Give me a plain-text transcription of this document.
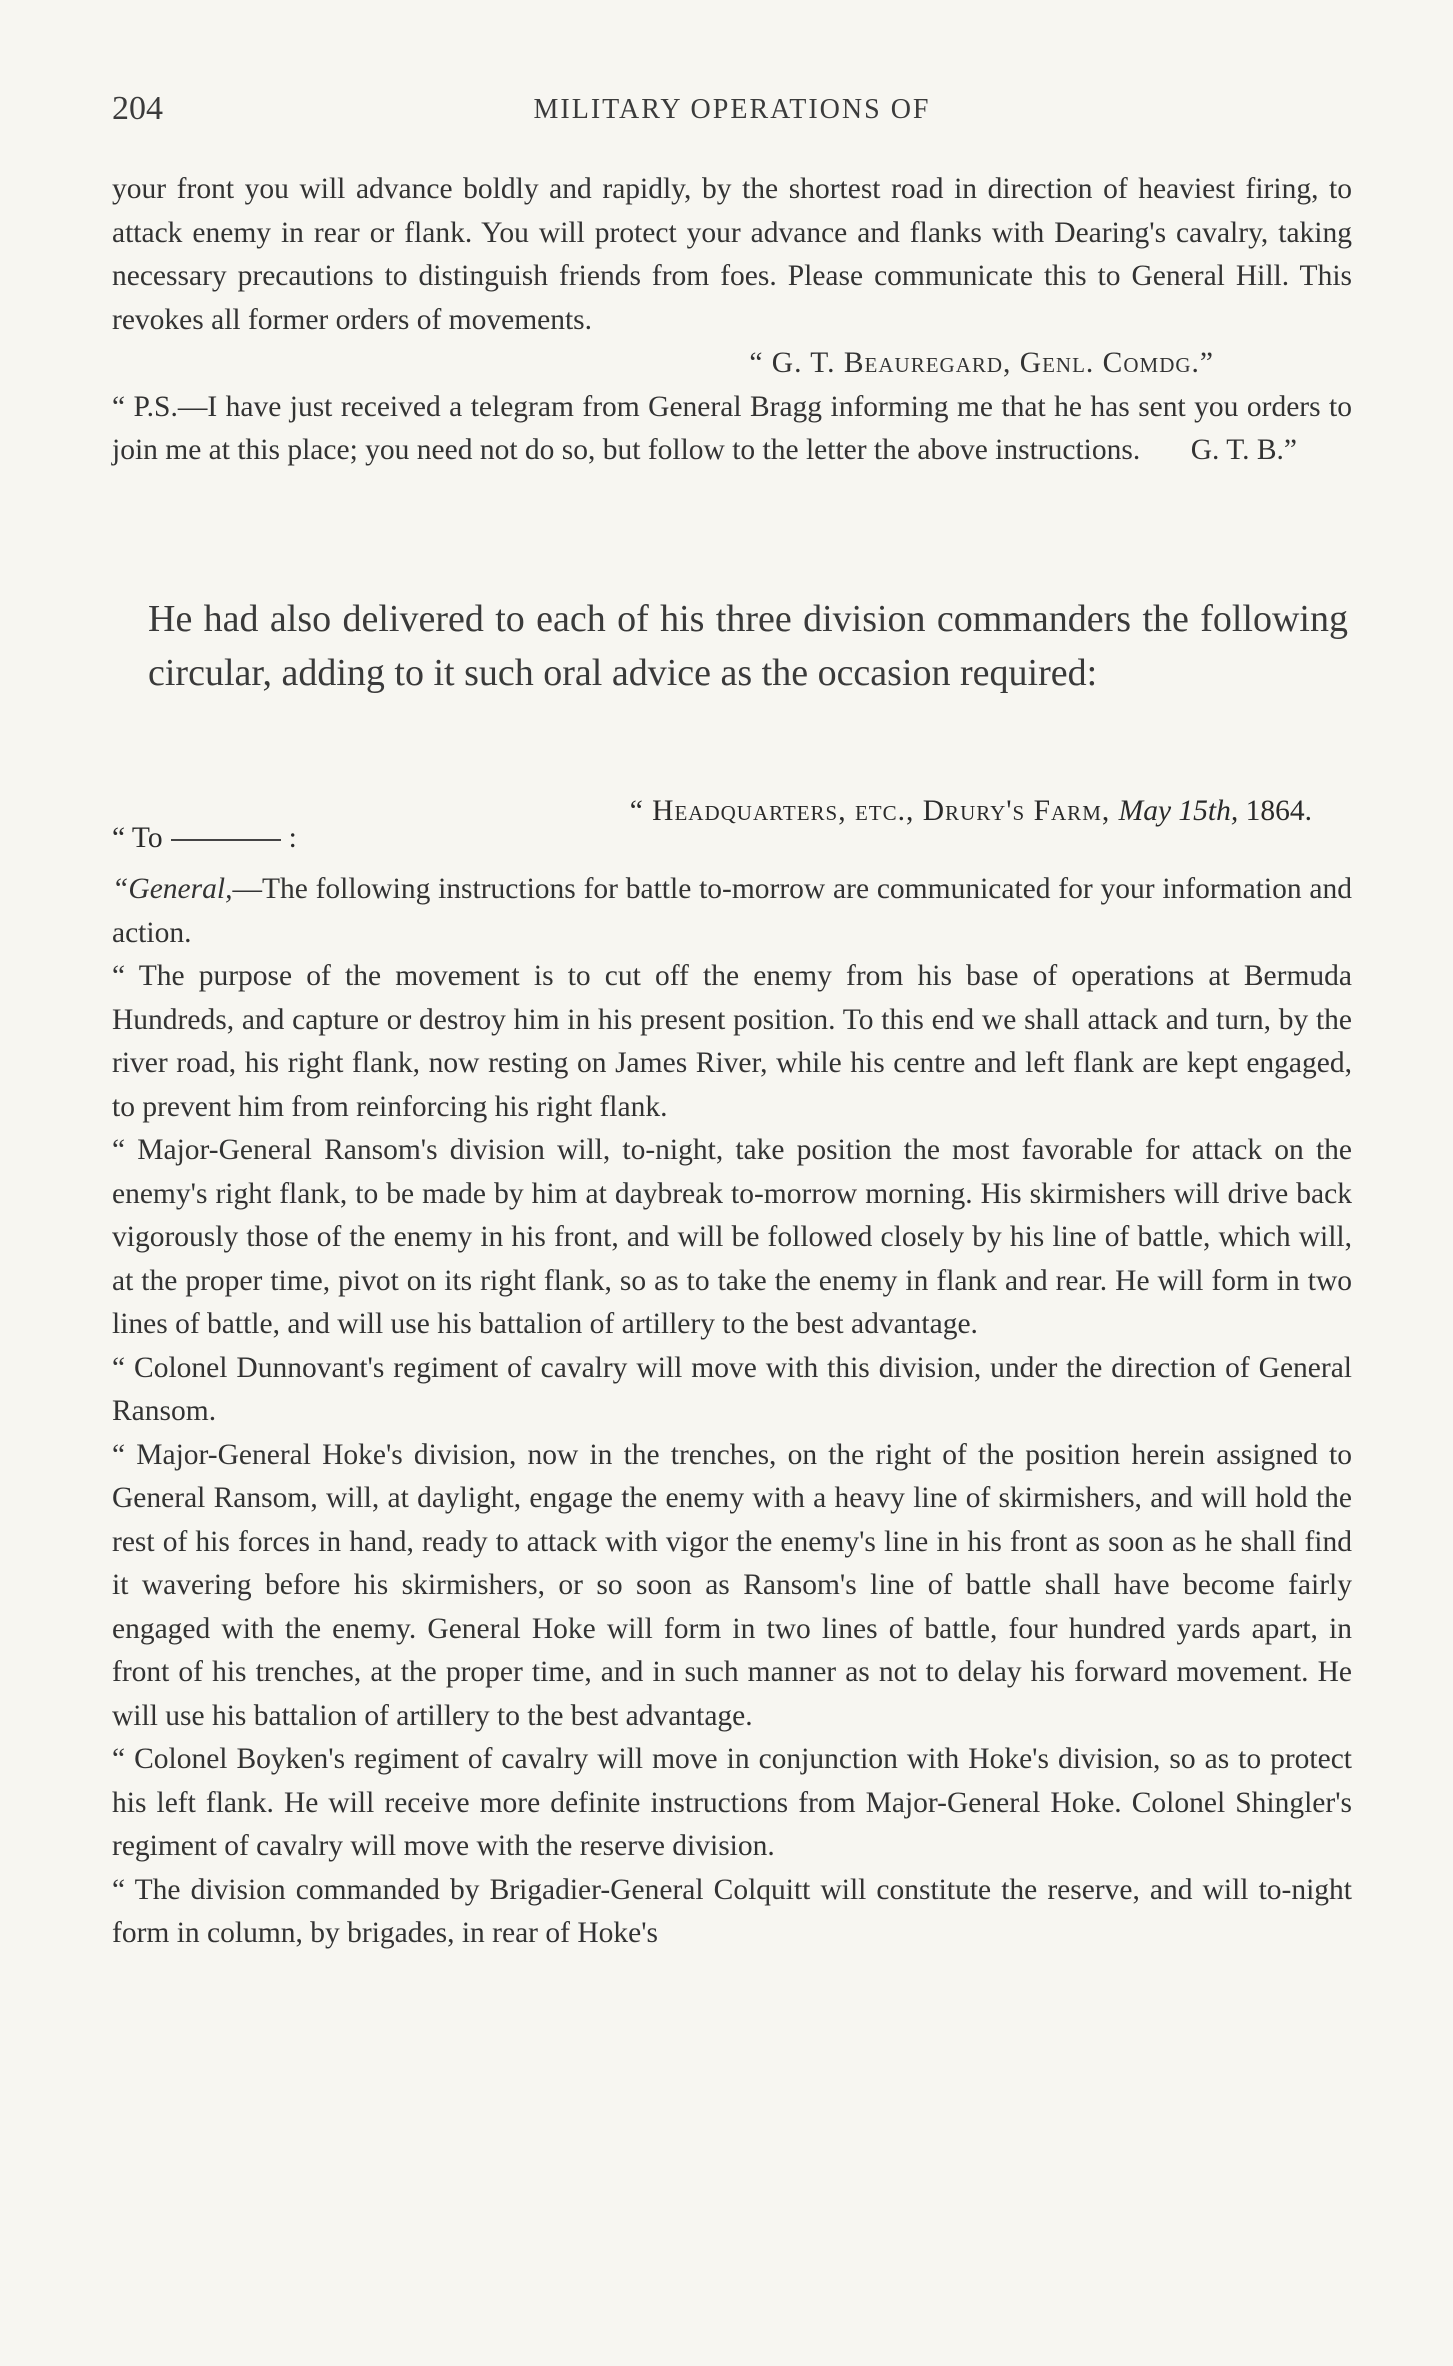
204	MILITARY OPERATIONS OF

your front you will advance boldly and rapidly, by the shortest road in direction of heaviest firing, to attack enemy in rear or flank. You will protect your advance and flanks with Dearing's cavalry, taking necessary precautions to distinguish friends from foes. Please communicate this to General Hill. This revokes all former orders of movements.

“ G. T. Beauregard, Genl. Comdg.”

“ P.S.—I have just received a telegram from General Bragg informing me that he has sent you orders to join me at this place; you need not do so, but follow to the letter the above instructions. G. T. B.”

He had also delivered to each of his three division commanders the following circular, adding to it such oral advice as the occasion required:
“ Headquarters, etc., Drury's Farm, May 15th, 1864.
“ To	:

“General,—The following instructions for battle to-morrow are communicated for your information and action.

“ The purpose of the movement is to cut off the enemy from his base of operations at Bermuda Hundreds, and capture or destroy him in his present position. To this end we shall attack and turn, by the river road, his right flank, now resting on James River, while his centre and left flank are kept engaged, to prevent him from reinforcing his right flank.

“ Major-General Ransom's division will, to-night, take position the most favorable for attack on the enemy's right flank, to be made by him at daybreak to-morrow morning. His skirmishers will drive back vigorously those of the enemy in his front, and will be followed closely by his line of battle, which will, at the proper time, pivot on its right flank, so as to take the enemy in flank and rear. He will form in two lines of battle, and will use his battalion of artillery to the best advantage.

“ Colonel Dunnovant's regiment of cavalry will move with this division, under the direction of General Ransom.

“ Major-General Hoke's division, now in the trenches, on the right of the position herein assigned to General Ransom, will, at daylight, engage the enemy with a heavy line of skirmishers, and will hold the rest of his forces in hand, ready to attack with vigor the enemy's line in his front as soon as he shall find it wavering before his skirmishers, or so soon as Ransom's line of battle shall have become fairly engaged with the enemy. General Hoke will form in two lines of battle, four hundred yards apart, in front of his trenches, at the proper time, and in such manner as not to delay his forward movement. He will use his battalion of artillery to the best advantage.

“ Colonel Boyken's regiment of cavalry will move in conjunction with Hoke's division, so as to protect his left flank. He will receive more definite instructions from Major-General Hoke. Colonel Shingler's regiment of cavalry will move with the reserve division.

“ The division commanded by Brigadier-General Colquitt will constitute the reserve, and will to-night form in column, by brigades, in rear of Hoke's
